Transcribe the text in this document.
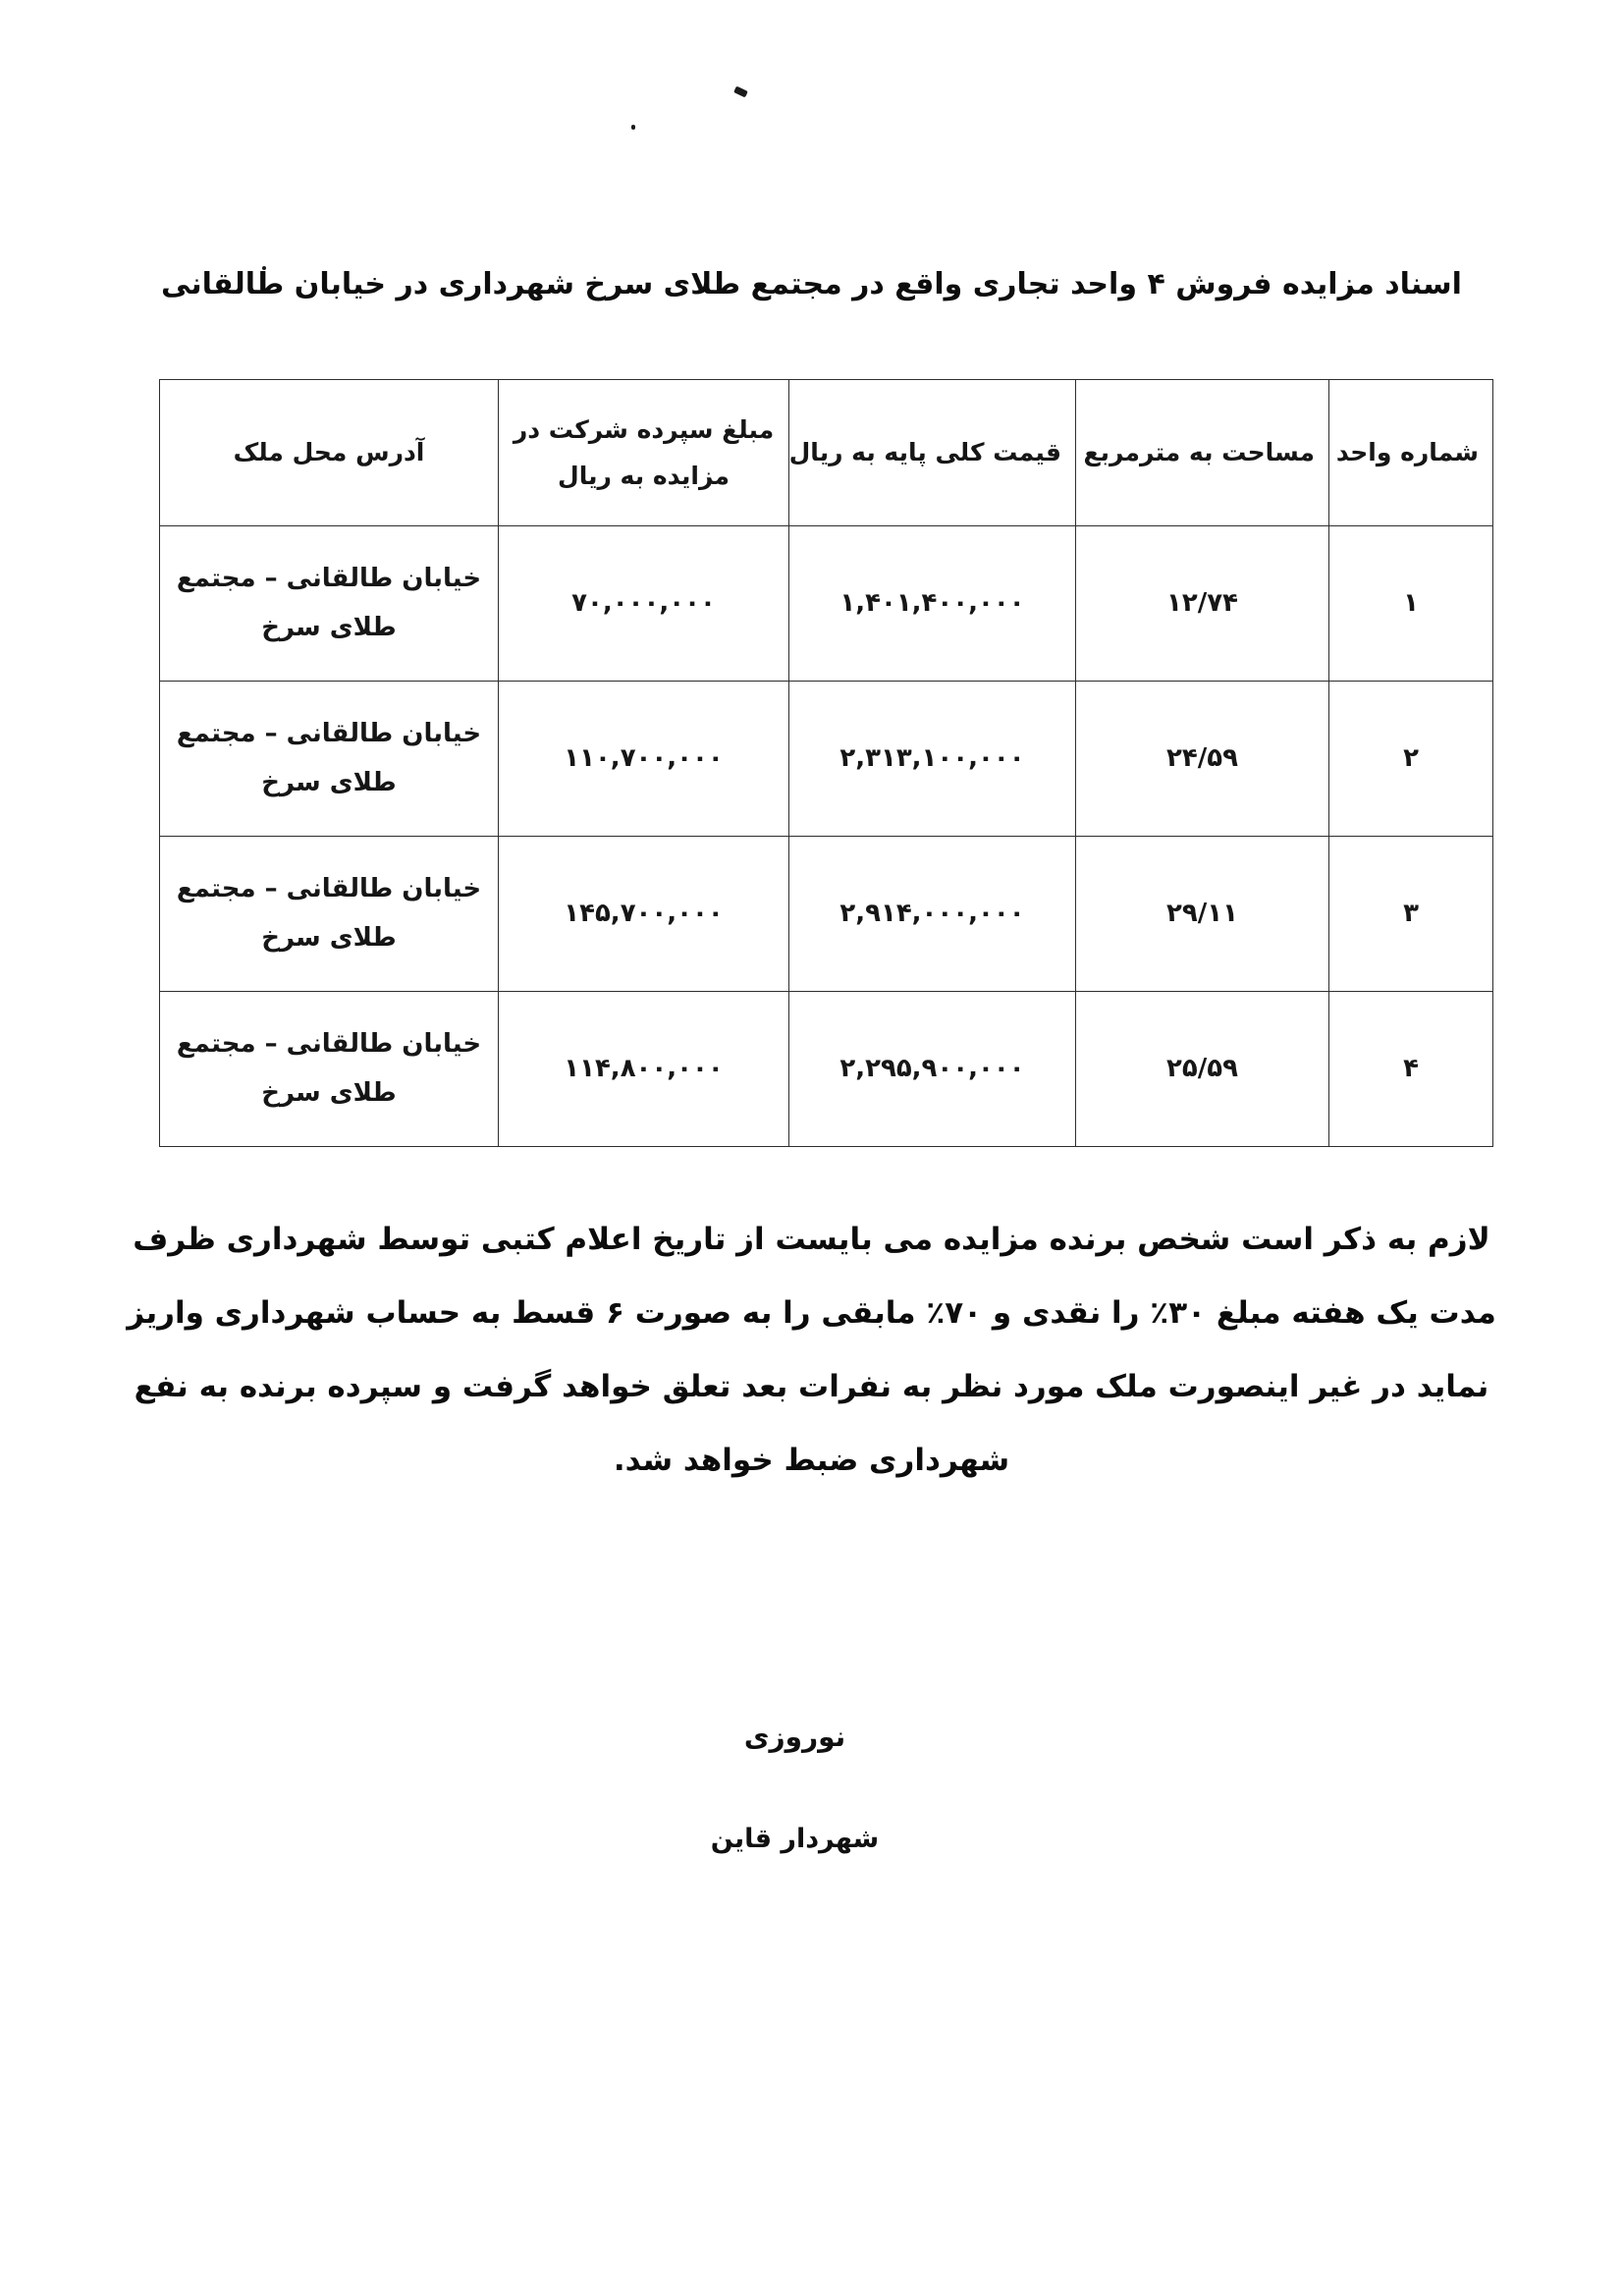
اسناد مزایده فروش ۴ واحد تجاری واقع در مجتمع طلای سرخ شهرداری در خیابان طالقانی
شماره واحد	مساحت به مترمربع	قیمت کلی پایه به ریال	مبلغ سپرده شرکت در مزایده به ریال	آدرس محل ملک
۱	۱۲/۷۴	۱,۴۰۱,۴۰۰,۰۰۰	۷۰,۰۰۰,۰۰۰	خیابان طالقانی – مجتمع طلای سرخ
۲	۲۴/۵۹	۲,۳۱۳,۱۰۰,۰۰۰	۱۱۰,۷۰۰,۰۰۰	خیابان طالقانی – مجتمع طلای سرخ
۳	۲۹/۱۱	۲,۹۱۴,۰۰۰,۰۰۰	۱۴۵,۷۰۰,۰۰۰	خیابان طالقانی – مجتمع طلای سرخ
۴	۲۵/۵۹	۲,۲۹۵,۹۰۰,۰۰۰	۱۱۴,۸۰۰,۰۰۰	خیابان طالقانی – مجتمع طلای سرخ
لازم به ذکر است شخص برنده مزایده می بایست از تاریخ اعلام کتبی توسط شهرداری ظرف
مدت یک هفته مبلغ ۳۰٪ را نقدی و ۷۰٪ مابقی را به صورت ۶ قسط به حساب شهرداری واریز
نماید در غیر اینصورت ملک مورد نظر به نفرات بعد تعلق خواهد گرفت و سپرده برنده به نفع
شهرداری ضبط خواهد شد.
نوروزی
شهردار قاین
